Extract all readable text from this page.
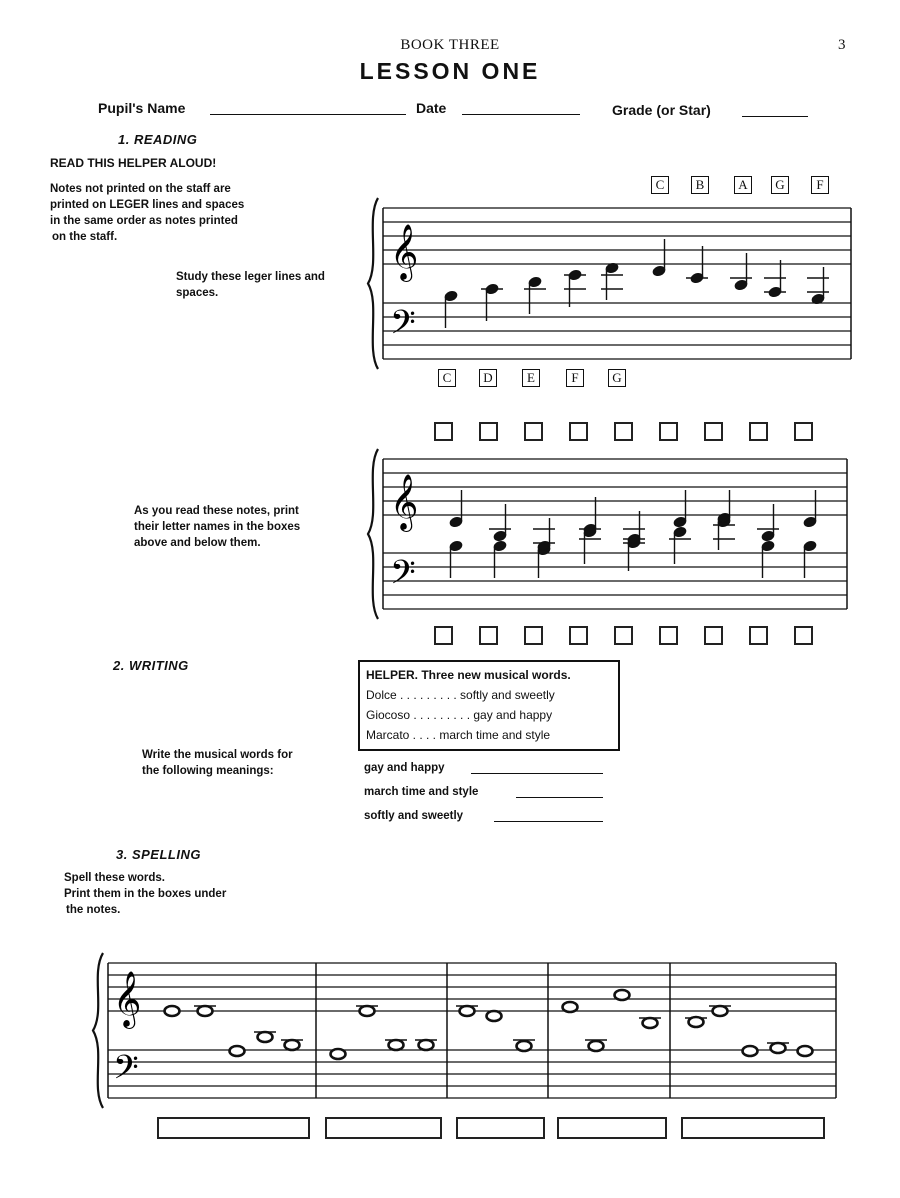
BOOK THREE	3
LESSON ONE
Pupil's Name	Date	Grade (or Star)
1. READING
READ THIS HELPER ALOUD!
Notes not printed on the staff are
printed on LEGER lines and spaces
in the same order as notes printed
on the staff.
Study these leger lines and
spaces.
C	B	A	G	F
C	D	E	F	G
As you read these notes, print
their letter names in the boxes
above and below them.
2. WRITING
HELPER. Three new musical words.
Dolce . . . . . . . . . softly and sweetly
Giocoso . . . . . . . . . gay and happy
Marcato . . . . march time and style
Write the musical words for
the following meanings:	gay and happy
march time and style
softly and sweetly
3. SPELLING
Spell these words.
Print them in the boxes under
the notes.
𝄞
𝄢
𝄞
𝄢
𝄞
𝄢
